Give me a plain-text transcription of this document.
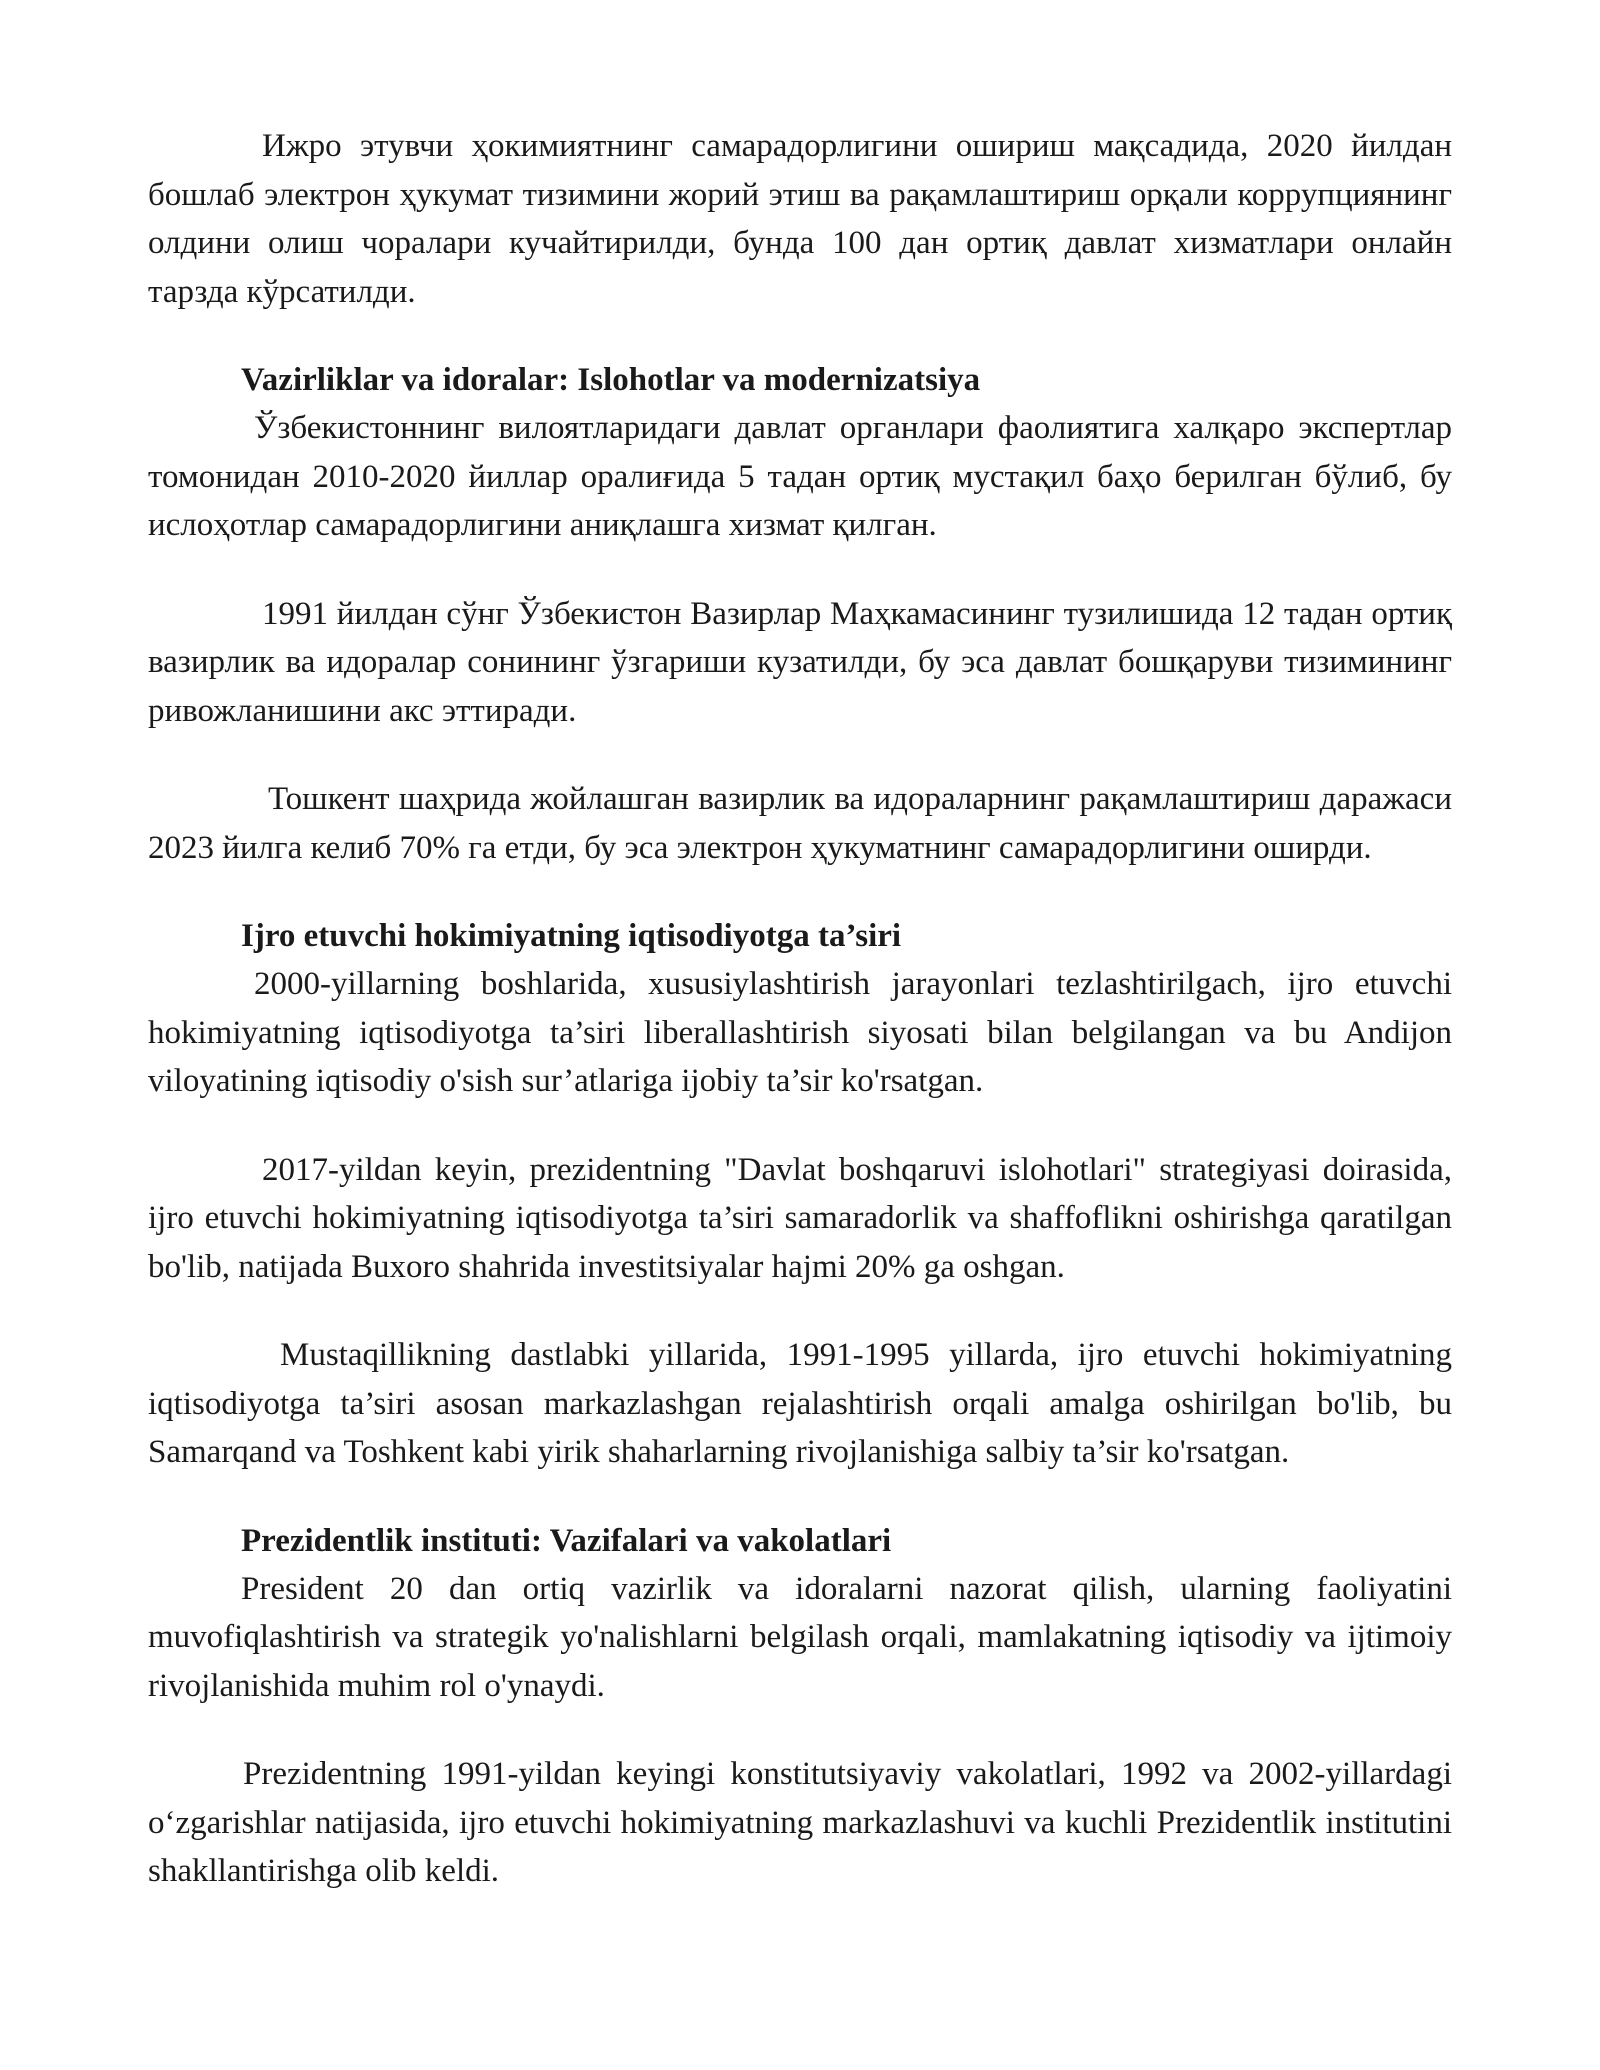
Ижро этувчи ҳокимиятнинг самарадорлигини ошириш мақсадида, 2020 йилдан бошлаб электрон ҳукумат тизимини жорий этиш ва рақамлаштириш орқали коррупциянинг олдини олиш чоралари кучайтирилди, бунда 100 дан ортиқ давлат хизматлари онлайн тарзда кўрсатилди.

Vazirliklar va idoralar: Islohotlar va modernizatsiya

Ўзбекистоннинг вилоятларидаги давлат органлари фаолиятига халқаро экспертлар томонидан 2010-2020 йиллар оралиғида 5 тадан ортиқ мустақил баҳо берилган бўлиб, бу ислоҳотлар самарадорлигини аниқлашга хизмат қилган.

1991 йилдан сўнг Ўзбекистон Вазирлар Маҳкамасининг тузилишида 12 тадан ортиқ вазирлик ва идоралар сонининг ўзгариши кузатилди, бу эса давлат бошқаруви тизимининг ривожланишини акс эттиради.

Тошкент шаҳрида жойлашган вазирлик ва идораларнинг рақамлаштириш даражаси 2023 йилга келиб 70% га етди, бу эса электрон ҳукуматнинг самарадорлигини оширди.

Ijro etuvchi hokimiyatning iqtisodiyotga ta’siri

2000-yillarning boshlarida, xususiylashtirish jarayonlari tezlashtirilgach, ijro etuvchi hokimiyatning iqtisodiyotga ta’siri liberallashtirish siyosati bilan belgilangan va bu Andijon viloyatining iqtisodiy o'sish sur’atlariga ijobiy ta’sir ko'rsatgan.

2017-yildan keyin, prezidentning "Davlat boshqaruvi islohotlari" strategiyasi doirasida, ijro etuvchi hokimiyatning iqtisodiyotga ta’siri samaradorlik va shaffoflikni oshirishga qaratilgan bo'lib, natijada Buxoro shahrida investitsiyalar hajmi 20% ga oshgan.

Mustaqillikning dastlabki yillarida, 1991-1995 yillarda, ijro etuvchi hokimiyatning iqtisodiyotga ta’siri asosan markazlashgan rejalashtirish orqali amalga oshirilgan bo'lib, bu Samarqand va Toshkent kabi yirik shaharlarning rivojlanishiga salbiy ta’sir ko'rsatgan.

Prezidentlik instituti: Vazifalari va vakolatlari

President 20 dan ortiq vazirlik va idoralarni nazorat qilish, ularning faoliyatini muvofiqlashtirish va strategik yo'nalishlarni belgilash orqali, mamlakatning iqtisodiy va ijtimoiy rivojlanishida muhim rol o'ynaydi.

Prezidentning 1991-yildan keyingi konstitutsiyaviy vakolatlari, 1992 va 2002-yillardagi o‘zgarishlar natijasida, ijro etuvchi hokimiyatning markazlashuvi va kuchli Prezidentlik institutini shakllantirishga olib keldi.
